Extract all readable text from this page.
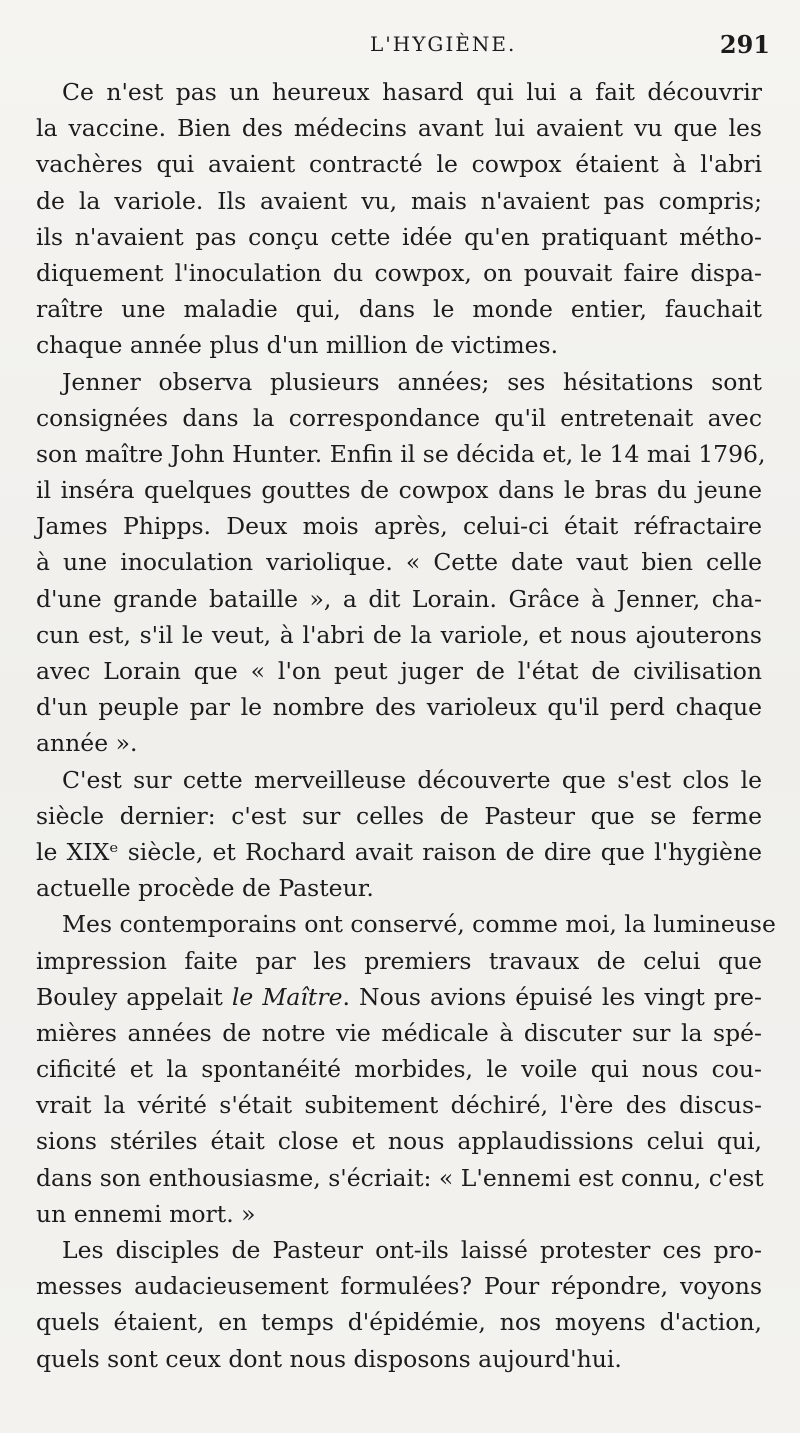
L'HYGIÈNE.	291
Ce n'est pas un heureux hasard qui lui a fait découvrir
la vaccine. Bien des médecins avant lui avaient vu que les
vachères qui avaient contracté le cowpox étaient à l'abri
de la variole. Ils avaient vu, mais n'avaient pas compris;
ils n'avaient pas conçu cette idée qu'en pratiquant métho-
diquement l'inoculation du cowpox, on pouvait faire dispa-
raître une maladie qui, dans le monde entier, fauchait
chaque année plus d'un million de victimes.
Jenner observa plusieurs années; ses hésitations sont
consignées dans la correspondance qu'il entretenait avec
son maître John Hunter. Enfin il se décida et, le 14 mai 1796,
il inséra quelques gouttes de cowpox dans le bras du jeune
James Phipps. Deux mois après, celui-ci était réfractaire
à une inoculation variolique. « Cette date vaut bien celle
d'une grande bataille », a dit Lorain. Grâce à Jenner, cha-
cun est, s'il le veut, à l'abri de la variole, et nous ajouterons
avec Lorain que « l'on peut juger de l'état de civilisation
d'un peuple par le nombre des varioleux qu'il perd chaque
année ».
C'est sur cette merveilleuse découverte que s'est clos le
siècle dernier: c'est sur celles de Pasteur que se ferme
le XIXᵉ siècle, et Rochard avait raison de dire que l'hygiène
actuelle procède de Pasteur.
Mes contemporains ont conservé, comme moi, la lumineuse
impression faite par les premiers travaux de celui que
Bouley appelait le Maître. Nous avions épuisé les vingt pre-
mières années de notre vie médicale à discuter sur la spé-
cificité et la spontanéité morbides, le voile qui nous cou-
vrait la vérité s'était subitement déchiré, l'ère des discus-
sions stériles était close et nous applaudissions celui qui,
dans son enthousiasme, s'écriait: « L'ennemi est connu, c'est
un ennemi mort. »
Les disciples de Pasteur ont-ils laissé protester ces pro-
messes audacieusement formulées? Pour répondre, voyons
quels étaient, en temps d'épidémie, nos moyens d'action,
quels sont ceux dont nous disposons aujourd'hui.
